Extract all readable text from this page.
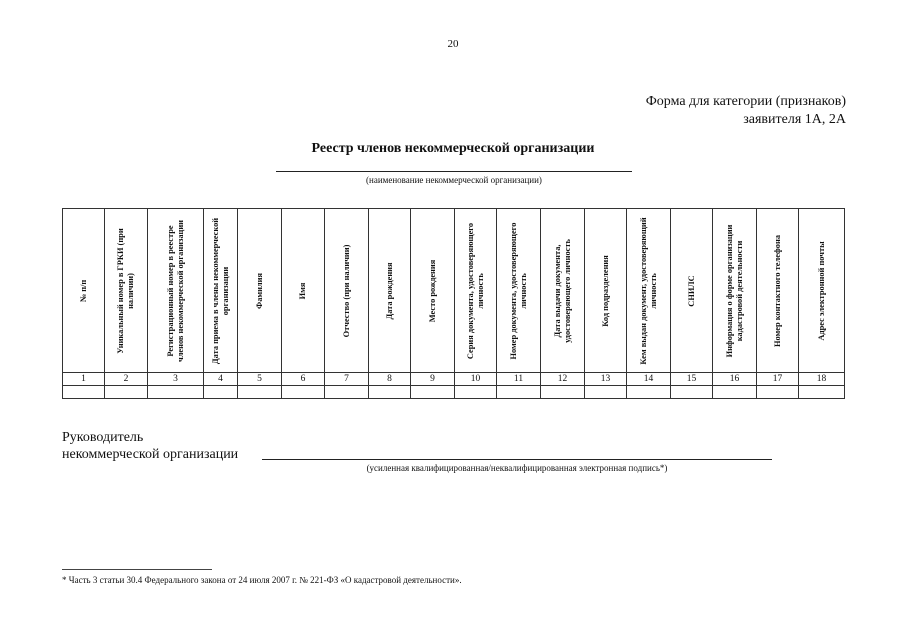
20
Форма для категории (признаков)
заявителя 1А, 2А
Реестр членов некоммерческой организации
(наименование некоммерческой организации)
№ п/п	Уникальный номер в ГРКИ (при наличии)	Регистрационный номер в реестре членов некоммерческой организации	Дата приема в члены некоммерческой организации	Фамилия	Имя	Отчество (при наличии)	Дата рождения	Место рождения	Серия документа, удостоверяющего личность	Номер документа, удостоверяющего личность	Дата выдачи документа, удостоверяющего личность	Код подразделения	Кем выдан документ, удостоверяющий личность	СНИЛС	Информация о форме организации кадастровой деятельности	Номер контактного телефона	Адрес электронной почты

1	2	3	4	5	6	7	8	9	10	11	12	13	14	15	16	17	18

Руководитель
некоммерческой организации
(усиленная квалифицированная/неквалифицированная электронная подпись*)
* Часть 3 статьи 30.4 Федерального закона от 24 июля 2007 г. № 221-ФЗ «О кадастровой деятельности».
